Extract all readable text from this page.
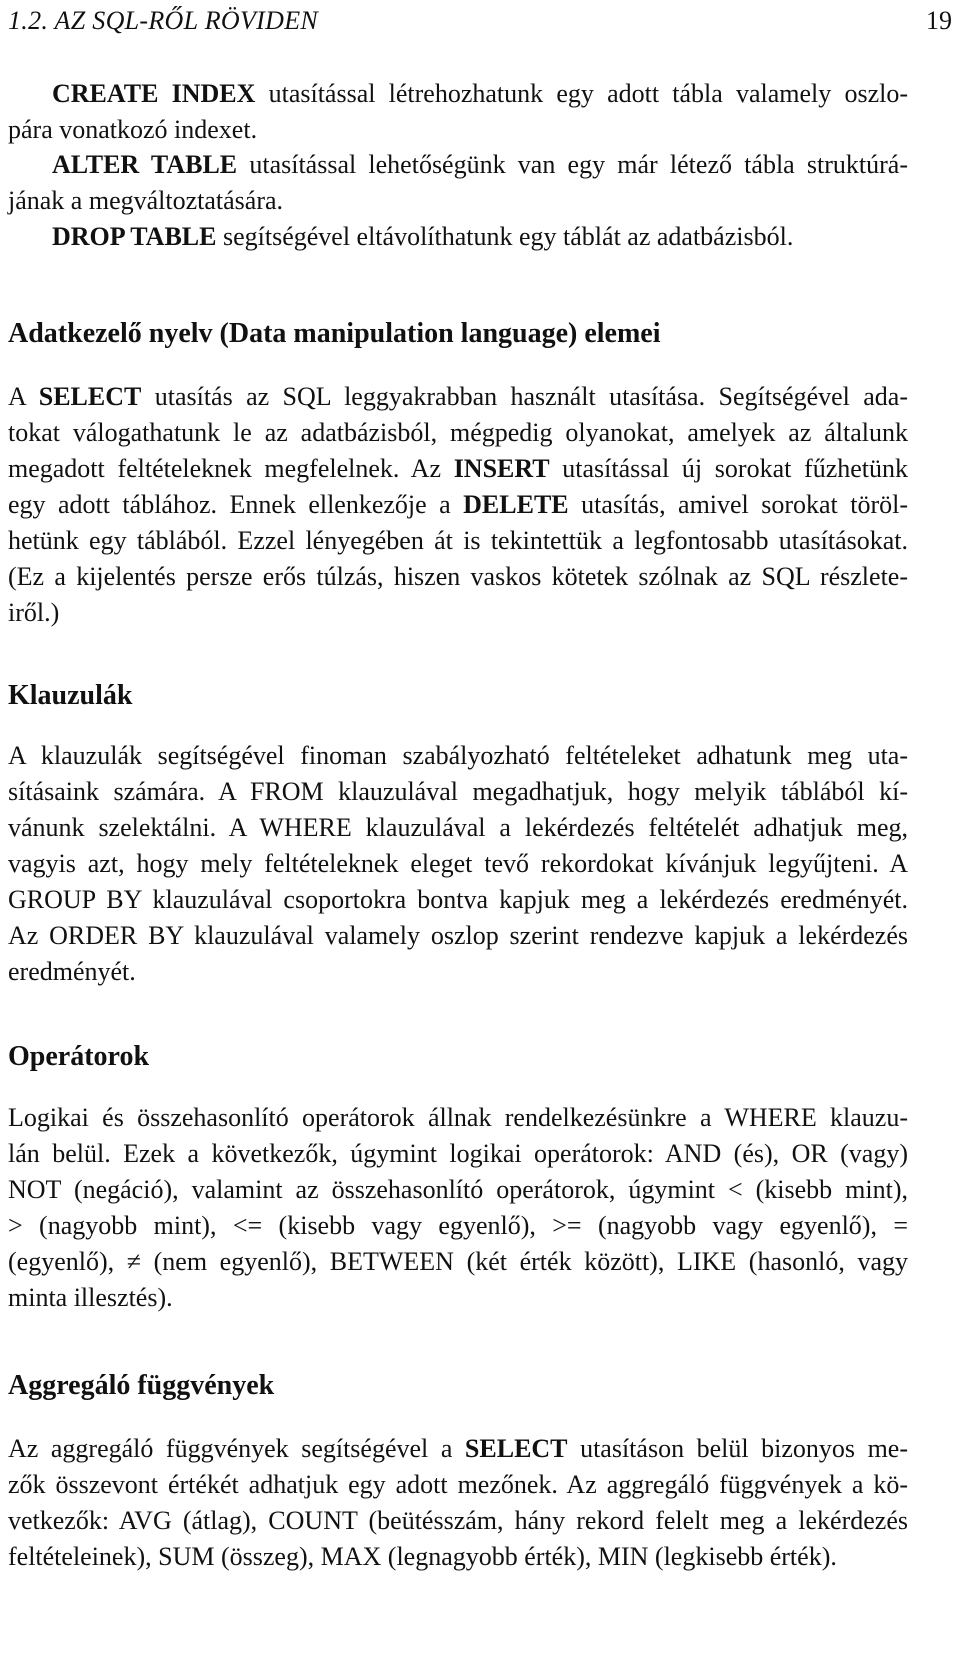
1.2. AZ SQL-RŐL RÖVIDEN	19
CREATE INDEX utasítással létrehozhatunk egy adott tábla valamely oszlo-
pára vonatkozó indexet.
ALTER TABLE utasítással lehetőségünk van egy már létező tábla struktúrá-
jának a megváltoztatására.
DROP TABLE segítségével eltávolíthatunk egy táblát az adatbázisból.
Adatkezelő nyelv (Data manipulation language) elemei
A SELECT utasítás az SQL leggyakrabban használt utasítása. Segítségével ada-
tokat válogathatunk le az adatbázisból, mégpedig olyanokat, amelyek az általunk
megadott feltételeknek megfelelnek. Az INSERT utasítással új sorokat fűzhetünk
egy adott táblához. Ennek ellenkezője a DELETE utasítás, amivel sorokat töröl-
hetünk egy táblából. Ezzel lényegében át is tekintettük a legfontosabb utasításokat.
(Ez a kijelentés persze erős túlzás, hiszen vaskos kötetek szólnak az SQL részlete-
iről.)
Klauzulák
A klauzulák segítségével finoman szabályozható feltételeket adhatunk meg uta-
sításaink számára. A FROM klauzulával megadhatjuk, hogy melyik táblából kí-
vánunk szelektálni. A WHERE klauzulával a lekérdezés feltételét adhatjuk meg,
vagyis azt, hogy mely feltételeknek eleget tevő rekordokat kívánjuk legyűjteni. A
GROUP BY klauzulával csoportokra bontva kapjuk meg a lekérdezés eredményét.
Az ORDER BY klauzulával valamely oszlop szerint rendezve kapjuk a lekérdezés
eredményét.
Operátorok
Logikai és összehasonlító operátorok állnak rendelkezésünkre a WHERE klauzu-
lán belül. Ezek a következők, úgymint logikai operátorok: AND (és), OR (vagy)
NOT (negáció), valamint az összehasonlító operátorok, úgymint < (kisebb mint),
> (nagyobb mint), <= (kisebb vagy egyenlő), >= (nagyobb vagy egyenlő), =
(egyenlő), ≠ (nem egyenlő), BETWEEN (két érték között), LIKE (hasonló, vagy
minta illesztés).
Aggregáló függvények
Az aggregáló függvények segítségével a SELECT utasításon belül bizonyos me-
zők összevont értékét adhatjuk egy adott mezőnek. Az aggregáló függvények a kö-
vetkezők: AVG (átlag), COUNT (beütésszám, hány rekord felelt meg a lekérdezés
feltételeinek), SUM (összeg), MAX (legnagyobb érték), MIN (legkisebb érték).
